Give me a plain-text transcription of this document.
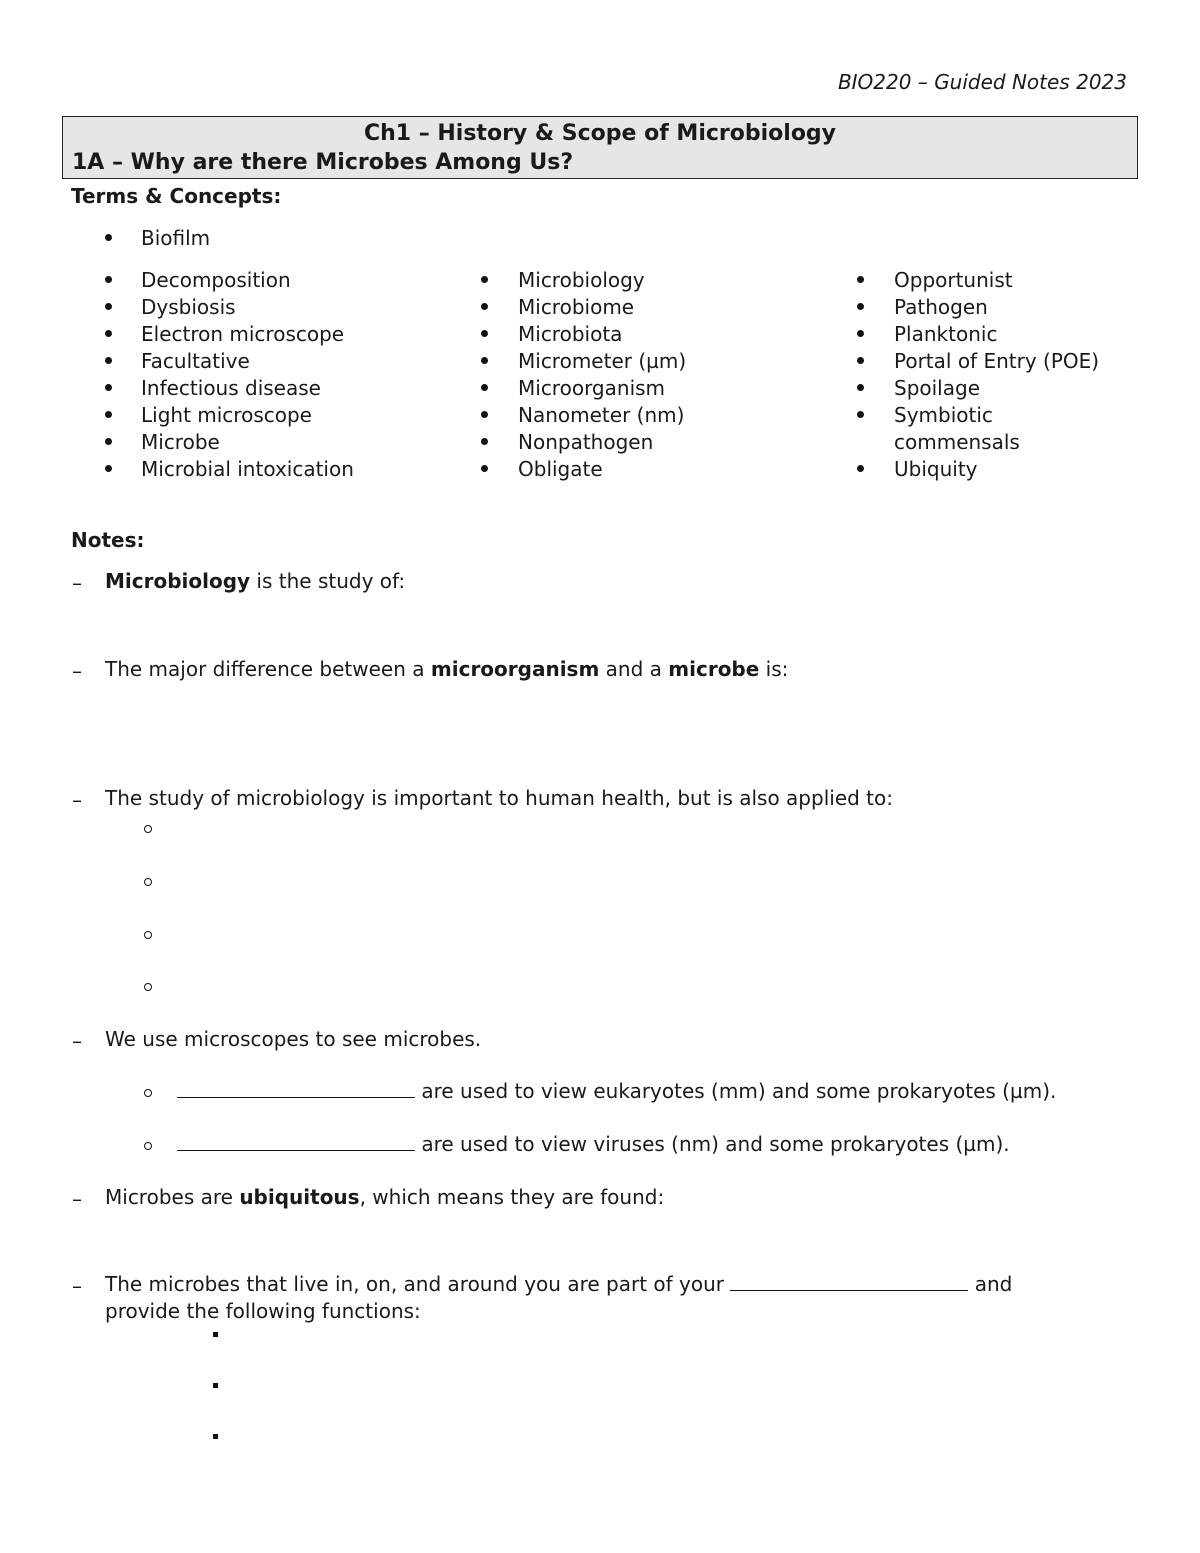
BIO220 – Guided Notes 2023
Ch1 – History & Scope of Microbiology
1A – Why are there Microbes Among Us?
Terms & Concepts:
Biofilm
Decomposition
Dysbiosis
Electron microscope
Facultative
Infectious disease
Light microscope
Microbe
Microbial intoxication
Microbiology
Microbiome
Microbiota
Micrometer (µm)
Microorganism
Nanometer (nm)
Nonpathogen
Obligate
Opportunist
Pathogen
Planktonic
Portal of Entry (POE)
Spoilage
Symbiotic
commensals
Ubiquity
Notes:
– Microbiology is the study of:
– The major difference between a microorganism and a microbe is:
– The study of microbiology is important to human health, but is also applied to:
– We use microscopes to see microbes.
are used to view eukaryotes (mm) and some prokaryotes (µm).
are used to view viruses (nm) and some prokaryotes (µm).
– Microbes are ubiquitous, which means they are found:
– The microbes that live in, on, and around you are part of your	and
provide the following functions:
